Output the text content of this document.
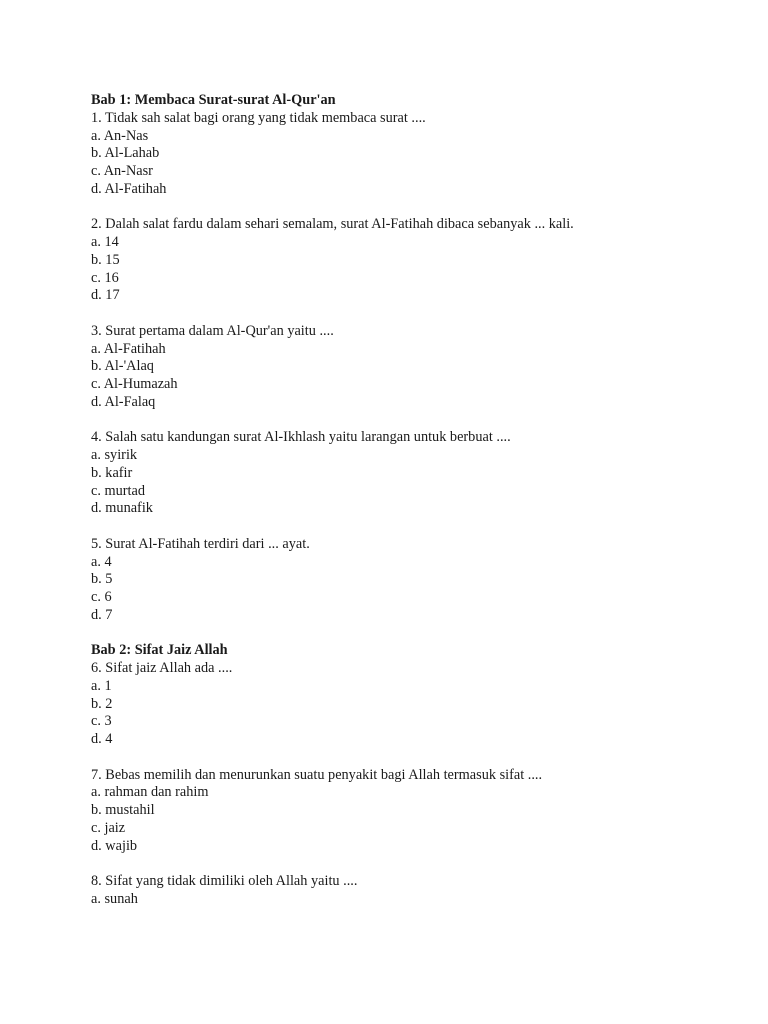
Bab 1: Membaca Surat-surat Al-Qur'an
1. Tidak sah salat bagi orang yang tidak membaca surat ....
a. An-Nas
b. Al-Lahab
c. An-Nasr
d. Al-Fatihah
2. Dalah salat fardu dalam sehari semalam, surat Al-Fatihah dibaca sebanyak ... kali.
a. 14
b. 15
c. 16
d. 17
3. Surat pertama dalam Al-Qur'an yaitu ....
a. Al-Fatihah
b. Al-'Alaq
c. Al-Humazah
d. Al-Falaq
4. Salah satu kandungan surat Al-Ikhlash yaitu larangan untuk berbuat ....
a. syirik
b. kafir
c. murtad
d. munafik
5. Surat Al-Fatihah terdiri dari ... ayat.
a. 4
b. 5
c. 6
d. 7
Bab 2: Sifat Jaiz Allah
6. Sifat jaiz Allah ada ....
a. 1
b. 2
c. 3
d. 4
7. Bebas memilih dan menurunkan suatu penyakit bagi Allah termasuk sifat ....
a. rahman dan rahim
b. mustahil
c. jaiz
d. wajib
8. Sifat yang tidak dimiliki oleh Allah yaitu ....
a. sunah
